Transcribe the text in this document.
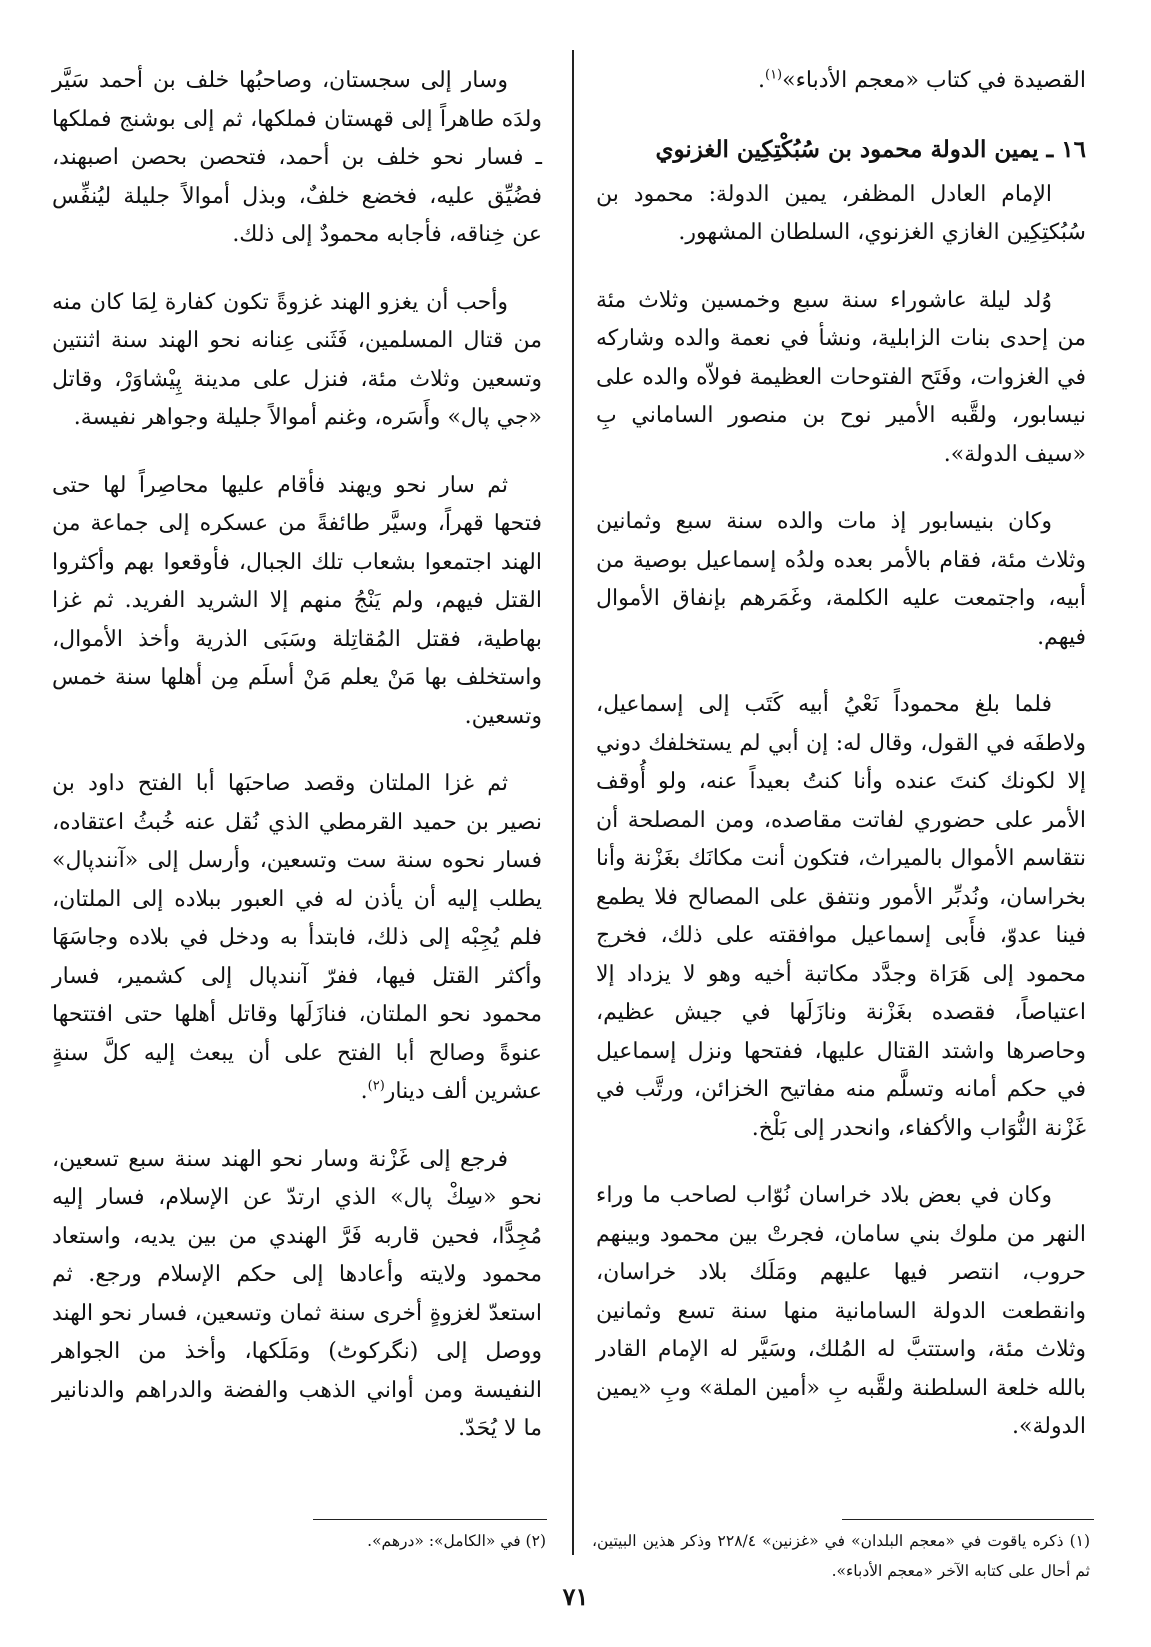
القصيدة في كتاب «معجم الأدباء»$^{(١)}$.

١٦ ـ يمين الدولة محمود بن سُبُكْتِكِين الغزنوي

الإمام العادل المظفر، يمين الدولة: محمود بن سُبُكتِكِين الغازي الغزنوي، السلطان المشهور.

وُلد ليلة عاشوراء سنة سبع وخمسين وثلاث مئة من إحدى بنات الزابلية، ونشأ في نعمة والده وشاركه في الغزوات، وفَتَح الفتوحات العظيمة فولاّه والده على نيسابور، ولقَّبه الأمير نوح بن منصور الساماني بِ «سيف الدولة».

وكان بنيسابور إذ مات والده سنة سبع وثمانين وثلاث مئة، فقام بالأمر بعده ولدُه إسماعيل بوصية من أبيه، واجتمعت عليه الكلمة، وغَمَرهم بإنفاق الأموال فيهم.

فلما بلغ محموداً نَعْيُ أبيه كَتَب إلى إسماعيل، ولاطفَه في القول، وقال له: إن أبي لم يستخلفك دوني إلا لكونك كنتَ عنده وأنا كنتُ بعيداً عنه، ولو أُوقف الأمر على حضوري لفاتت مقاصده، ومن المصلحة أن نتقاسم الأموال بالميراث، فتكون أنت مكانَك بغَزْنة وأنا بخراسان، ونُدبِّر الأمور ونتفق على المصالح فلا يطمع فينا عدوّ، فأَبى إسماعيل موافقته على ذلك، فخرج محمود إلى هَرَاة وجدَّد مكاتبة أخيه وهو لا يزداد إلا اعتياصاً، فقصده بغَزْنة ونازَلَها في جيش عظيم، وحاصرها واشتد القتال عليها، ففتحها ونزل إسماعيل في حكم أمانه وتسلَّم منه مفاتيح الخزائن، ورتَّب في غَزْنة النُّوَاب والأكفاء، وانحدر إلى بَلْخ.

وكان في بعض بلاد خراسان نُوّاب لصاحب ما وراء النهر من ملوك بني سامان، فجرتْ بين محمود وبينهم حروب، انتصر فيها عليهم ومَلَك بلاد خراسان، وانقطعت الدولة السامانية منها سنة تسع وثمانين وثلاث مئة، واستتبَّ له المُلك، وسَيَّر له الإمام القادر بالله خلعة السلطنة ولقَّبه بِ «أمين الملة» وبِ «يمين الدولة».

وسار إلى سجستان، وصاحبُها خلف بن أحمد سَيَّر ولدَه طاهراً إلى قهستان فملكها، ثم إلى بوشنج فملكها ـ فسار نحو خلف بن أحمد، فتحصن بحصن اصبهند، فضُيِّق عليه، فخضع خلفٌ، وبذل أموالاً جليلة ليُنفِّس عن خِناقه، فأجابه محمودٌ إلى ذلك.

وأحب أن يغزو الهند غزوةً تكون كفارة لِمَا كان منه من قتال المسلمين، فَثَنى عِنانه نحو الهند سنة اثنتين وتسعين وثلاث مئة، فنزل على مدينة پِيْشاوَرْ، وقاتل «جي پال» وأَسَره، وغنم أموالاً جليلة وجواهر نفيسة.

ثم سار نحو ويهند فأقام عليها محاصِراً لها حتى فتحها قهراً، وسيَّر طائفةً من عسكره إلى جماعة من الهند اجتمعوا بشعاب تلك الجبال، فأوقعوا بهم وأكثروا القتل فيهم، ولم يَنْجُ منهم إلا الشريد الفريد. ثم غزا بهاطية، فقتل المُقاتِلة وسَبَى الذرية وأخذ الأموال، واستخلف بها مَنْ يعلم مَنْ أسلَم مِن أهلها سنة خمس وتسعين.

ثم غزا الملتان وقصد صاحبَها أبا الفتح داود بن نصير بن حميد القرمطي الذي نُقل عنه خُبثُ اعتقاده، فسار نحوه سنة ست وتسعين، وأرسل إلى «آنندپال» يطلب إليه أن يأذن له في العبور ببلاده إلى الملتان، فلم يُجِبْه إلى ذلك، فابتدأ به ودخل في بلاده وجاسَهَا وأكثر القتل فيها، ففرّ آنندپال إلى كشمير، فسار محمود نحو الملتان، فنازَلَها وقاتل أهلها حتى افتتحها عنوةً وصالح أبا الفتح على أن يبعث إليه كلَّ سنةٍ عشرين ألف دينار$^{(٢)}$.

فرجع إلى غَزْنة وسار نحو الهند سنة سبع تسعين، نحو «سِكْ پال» الذي ارتدّ عن الإسلام، فسار إليه مُجِدًّا، فحين قاربه فَرَّ الهندي من بين يديه، واستعاد محمود ولايته وأعادها إلى حكم الإسلام ورجع. ثم استعدّ لغزوةٍ أخرى سنة ثمان وتسعين، فسار نحو الهند ووصل إلى (نگركوٹ) ومَلَكها، وأخذ من الجواهر النفيسة ومن أواني الذهب والفضة والدراهم والدنانير ما لا يُحَدّ.

(١) ذكره ياقوت في «معجم البلدان» في «غزنين» ٢٢٨/٤ وذكر هذين البيتين، ثم أحال على كتابه الآخر «معجم الأدباء».

(٢) في «الكامل»: «درهم».

٧١
